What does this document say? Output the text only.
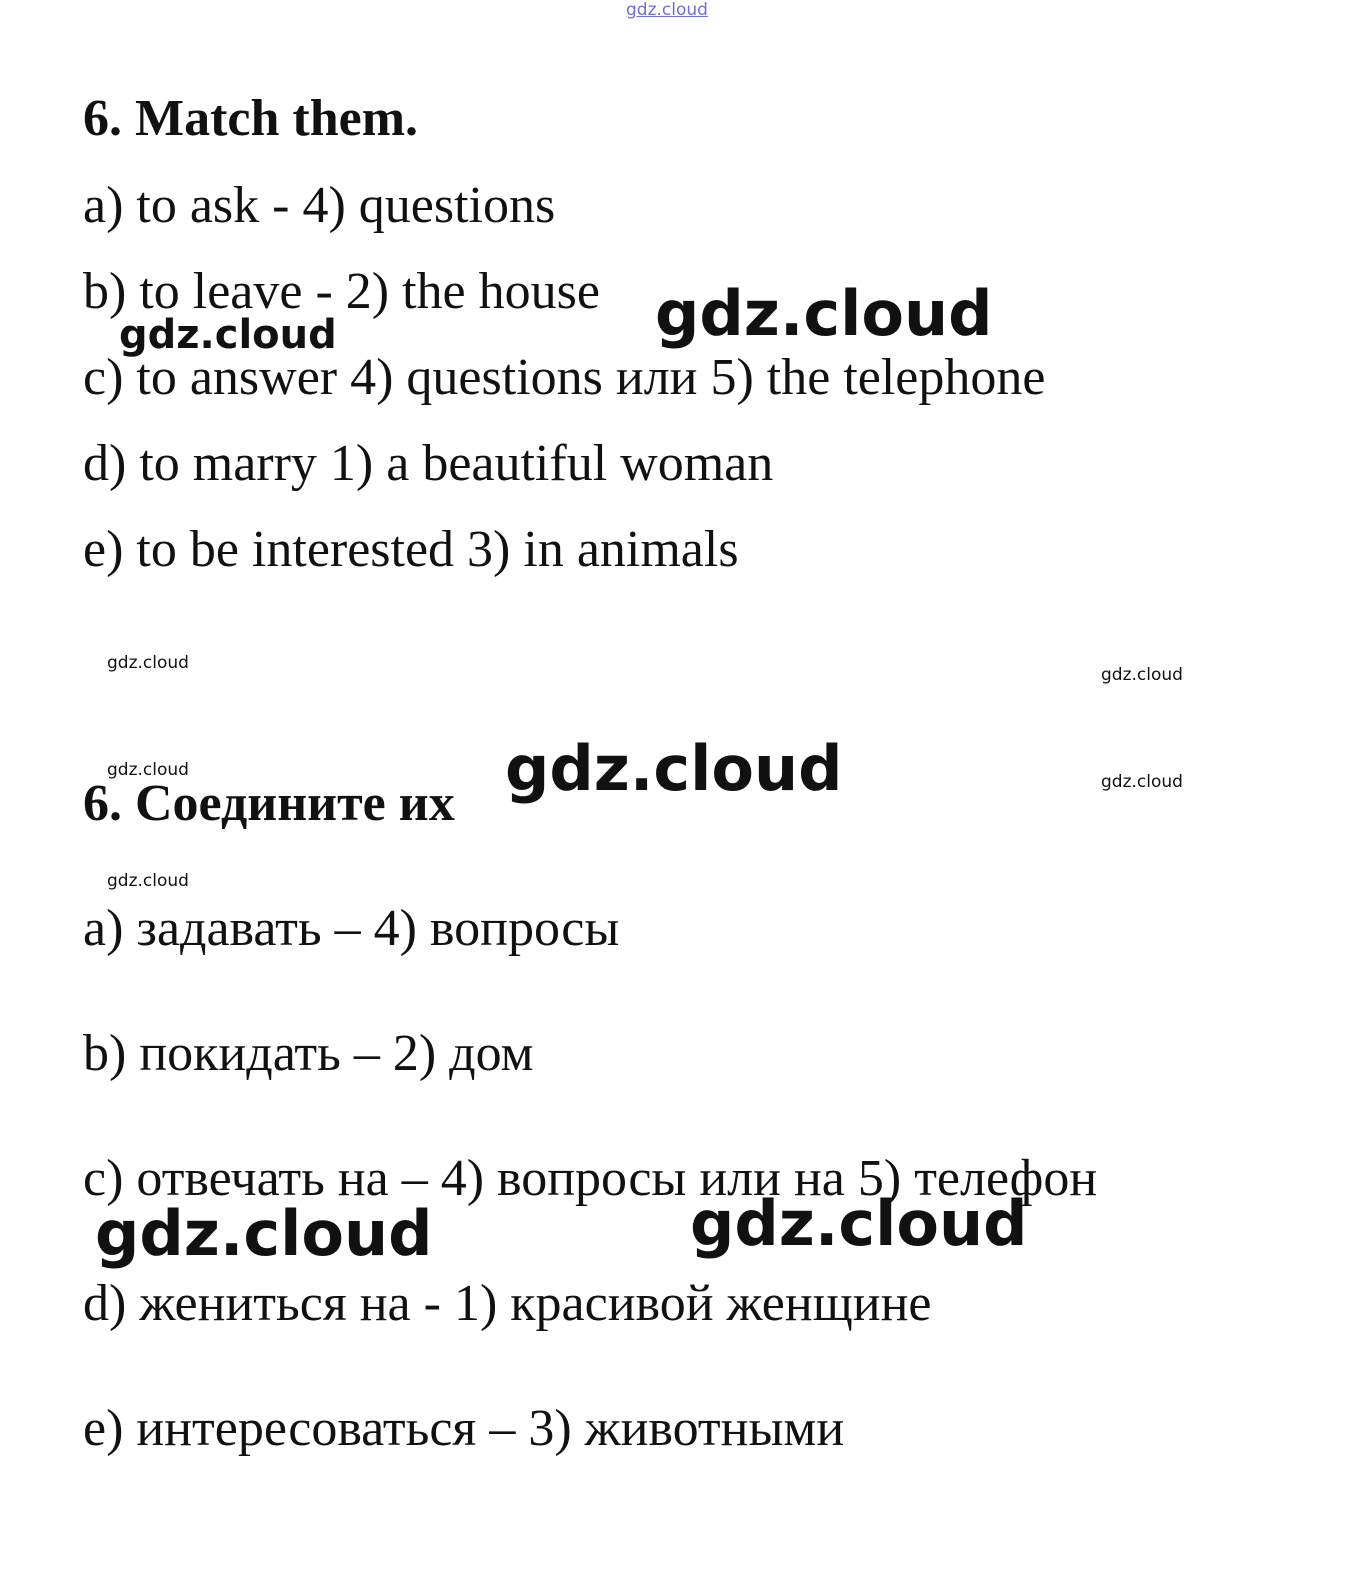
gdz.cloud
6. Match them.
a) to ask - 4) questions
b) to leave - 2) the house
c) to answer 4) questions или 5) the telephone
d) to marry 1) a beautiful woman
e) to be interested 3) in animals
6. Соедините их
a) задавать – 4) вопросы
b) покидать – 2) дом
c) отвечать на – 4) вопросы или на 5) телефон
d) жениться на - 1) красивой женщине
e) интересоваться – 3) животными
gdz.cloud
gdz.cloud
gdz.cloud
gdz.cloud
gdz.cloud	gdz.cloud	gdz.cloud
gdz.cloud
gdz.cloud
gdz.cloud
